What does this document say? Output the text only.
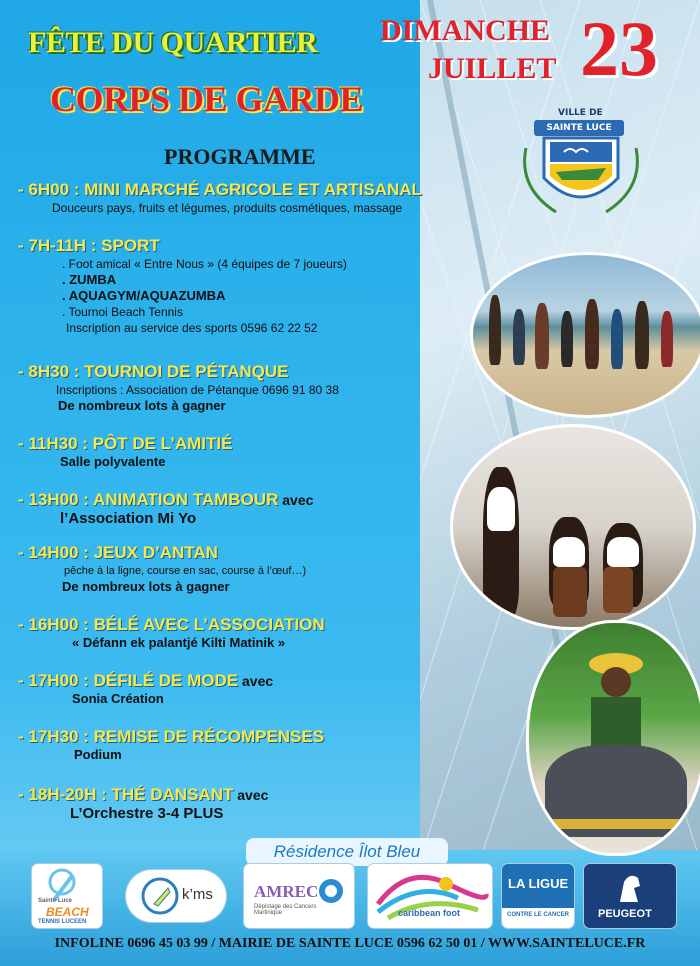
FÊTE DU QUARTIER
CORPS DE GARDE
DIMANCHE
JUILLET 23
VILLE DE
SAINTE LUCE
PROGRAMME
- 6H00 : MINI MARCHÉ AGRICOLE ET ARTISANAL
Douceurs pays, fruits et légumes, produits cosmétiques, massage
- 7H-11H : SPORT
. Foot amical « Entre Nous » (4 équipes de 7 joueurs)
. ZUMBA
. AQUAGYM/AQUAZUMBA
. Tournoi Beach Tennis
Inscription au service des sports 0596 62 22 52
- 8H30 : TOURNOI DE PÉTANQUE
Inscriptions : Association de Pétanque 0696 91 80 38
De nombreux lots à gagner
- 11H30 : PÔT DE L’AMITIÉ
Salle polyvalente
- 13H00 : ANIMATION TAMBOUR avec
l’Association Mi Yo
- 14H00 : JEUX D’ANTAN
pêche à la ligne, course en sac, course à l’œuf…)
De nombreux lots à gagner
- 16H00 : BÉLÉ AVEC L’ASSOCIATION
« Défann ek palantjé Kilti Matinik »
- 17H00 : DÉFILÉ DE MODE avec
Sonia Création
- 17H30 : REMISE DE RÉCOMPENSES
Podium
- 18H-20H : THÉ DANSANT avec
L’Orchestre 3-4 PLUS
Résidence Îlot Bleu
Sainte-Luce
BEACH
TENNIS LUCEEN
k’ms AMREC
Dépistage des Cancers Martinique	caribbean foot
LA LIGUE
CONTRE LE CANCER	PEUGEOT
INFOLINE 0696 45 03 99 / MAIRIE DE SAINTE LUCE 0596 62 50 01 / WWW.SAINTELUCE.FR
